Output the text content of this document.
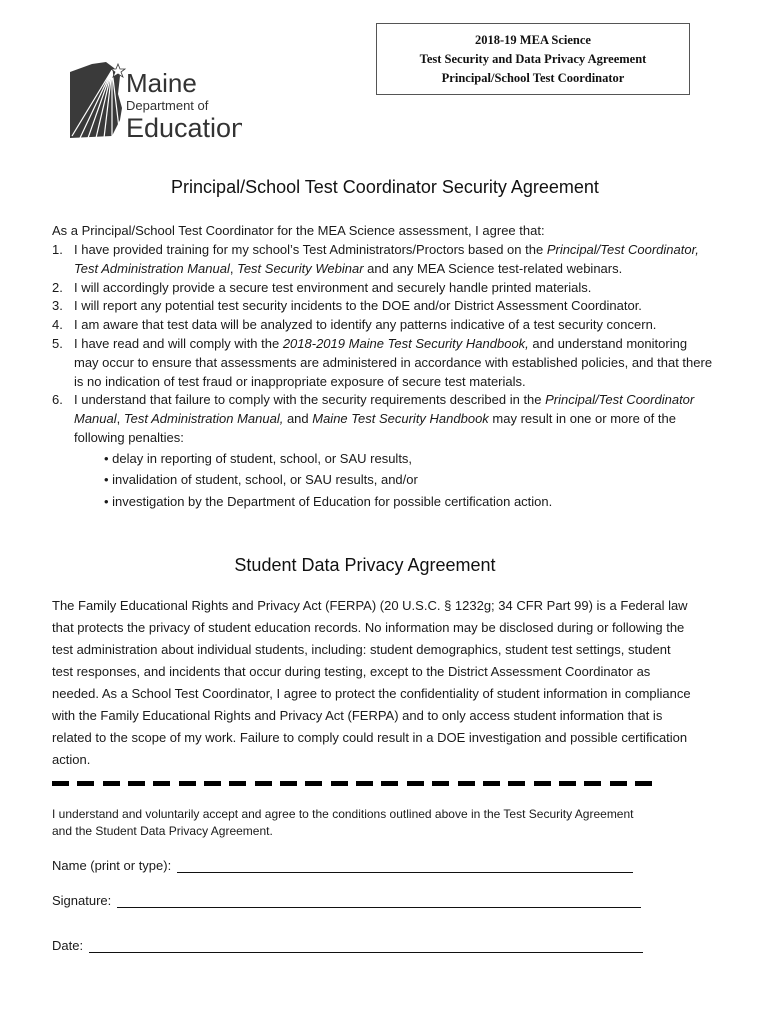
2018-19 MEA Science
Test Security and Data Privacy Agreement
Principal/School Test Coordinator
Maine
Department of
Education
Principal/School Test Coordinator Security Agreement
As a Principal/School Test Coordinator for the MEA Science assessment, I agree that:
1. I have provided training for my school’s Test Administrators/Proctors based on the Principal/Test Coordinator, Test Administration Manual, Test Security Webinar and any MEA Science test-related webinars.
2. I will accordingly provide a secure test environment and securely handle printed materials.
3. I will report any potential test security incidents to the DOE and/or District Assessment Coordinator.
4. I am aware that test data will be analyzed to identify any patterns indicative of a test security concern.
5. I have read and will comply with the 2018-2019 Maine Test Security Handbook, and understand monitoring may occur to ensure that assessments are administered in accordance with established policies, and that there is no indication of test fraud or inappropriate exposure of secure test materials.
6. I understand that failure to comply with the security requirements described in the Principal/Test Coordinator Manual, Test Administration Manual, and Maine Test Security Handbook may result in one or more of the following penalties:
• delay in reporting of student, school, or SAU results,
• invalidation of student, school, or SAU results, and/or
• investigation by the Department of Education for possible certification action.
Student Data Privacy Agreement

The Family Educational Rights and Privacy Act (FERPA) (20 U.S.C. § 1232g; 34 CFR Part 99) is a Federal law that protects the privacy of student education records. No information may be disclosed during or following the test administration about individual students, including: student demographics, student test settings, student test responses, and incidents that occur during testing, except to the District Assessment Coordinator as needed. As a School Test Coordinator, I agree to protect the confidentiality of student information in compliance with the Family Educational Rights and Privacy Act (FERPA) and to only access student information that is related to the scope of my work. Failure to comply could result in a DOE investigation and possible certification action.

I understand and voluntarily accept and agree to the conditions outlined above in the Test Security Agreement and the Student Data Privacy Agreement.

Name (print or type):
Signature:
Date:
